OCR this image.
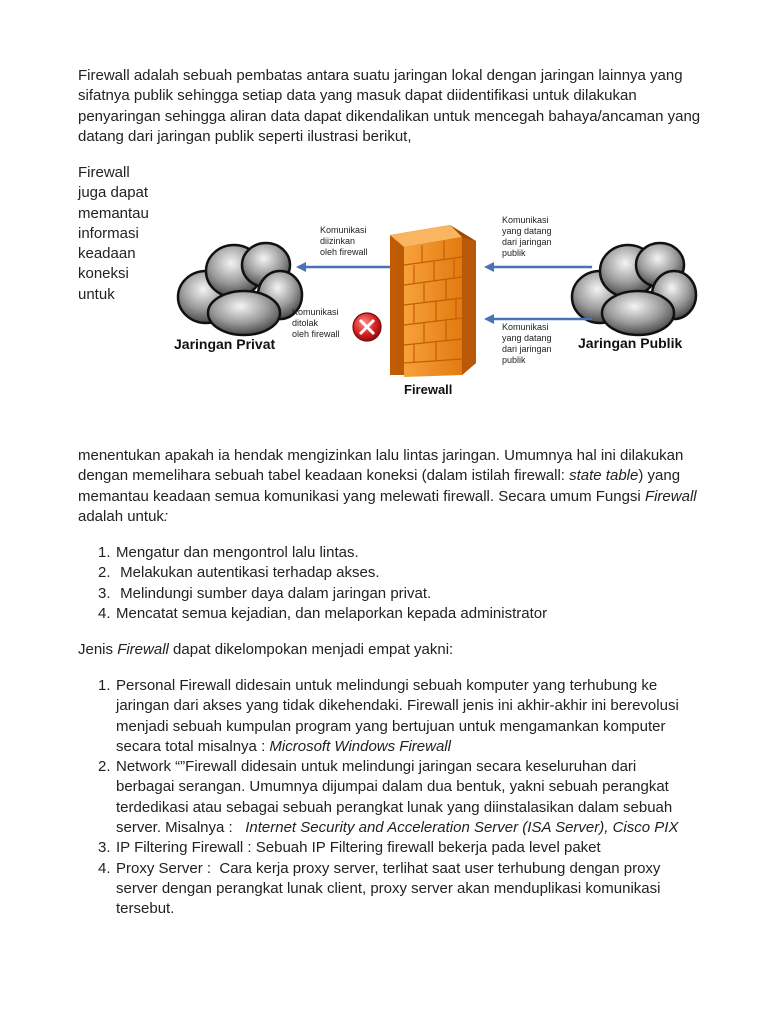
Firewall adalah sebuah pembatas antara suatu jaringan lokal dengan jaringan lainnya yang sifatnya publik sehingga setiap data yang masuk dapat diidentifikasi untuk dilakukan penyaringan sehingga aliran data dapat dikendalikan untuk mencegah bahaya/ancaman yang datang dari jaringan publik seperti ilustrasi berikut,

Firewall
juga dapat
memantau
informasi
keadaan
koneksi
untuk
Komunikasi
diizinkan
oleh firewall
Komunikasi
ditolak
oleh firewall
Komunikasi
yang datang
dari jaringan
publik
Komunikasi
yang datang
dari jaringan
publik
Jaringan Privat	Jaringan Publik
Firewall

menentukan apakah ia hendak mengizinkan lalu lintas jaringan. Umumnya hal ini dilakukan dengan memelihara sebuah tabel keadaan koneksi (dalam istilah firewall: state table) yang memantau keadaan semua komunikasi yang melewati firewall. Secara umum Fungsi Firewall adalah untuk:

1. Mengatur dan mengontrol lalu lintas.
2. Melakukan autentikasi terhadap akses.
3. Melindungi sumber daya dalam jaringan privat.
4. Mencatat semua kejadian, dan melaporkan kepada administrator

Jenis Firewall dapat dikelompokan menjadi empat yakni:

1. Personal Firewall didesain untuk melindungi sebuah komputer yang terhubung ke jaringan dari akses yang tidak dikehendaki. Firewall jenis ini akhir-akhir ini berevolusi menjadi sebuah kumpulan program yang bertujuan untuk mengamankan komputer secara total misalnya : Microsoft Windows Firewall
2. Network “”Firewall didesain untuk melindungi jaringan secara keseluruhan dari berbagai serangan. Umumnya dijumpai dalam dua bentuk, yakni sebuah perangkat terdedikasi atau sebagai sebuah perangkat lunak yang diinstalasikan dalam sebuah server. Misalnya :   Internet Security and Acceleration Server (ISA Server), Cisco PIX
3. IP Filtering Firewall : Sebuah IP Filtering firewall bekerja pada level paket
4. Proxy Server :  Cara kerja proxy server, terlihat saat user terhubung dengan proxy server dengan perangkat lunak client, proxy server akan menduplikasi komunikasi tersebut.
